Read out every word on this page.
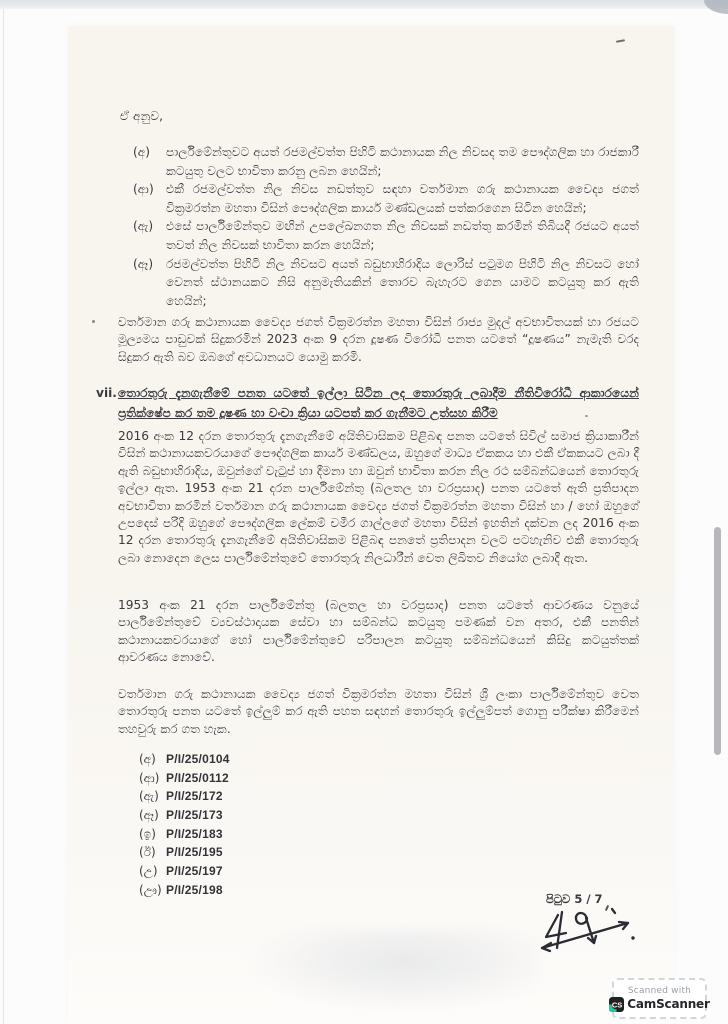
ඒ අනුව,
(අ)	පාර්ලිමේන්තුවට අයත් රජමල්වත්ත පිහිටි කථානායක නිල නිවසද තම පෞද්ගලික හා රාජකාරී කටයුතු වලට භාවිතා කරනු ලබන හෙයින්;
(ආ)	එකී රජමල්වත්ත නිල නිවස නඩත්තුව සඳහා වර්තමාන ගරු කථානායක වෛද්‍ය ජගත් වික්‍රමරත්න මහතා විසින් පෞද්ගලික කාර්ය මණ්ඩලයක් පත්කරගෙන සිටින හෙයින්;
(ඇ)	එසේ පාර්ලිමේන්තුව මඟින් උපලේඛනගත නිල නිවසක් නඩත්තු කරමින් තිබියදී රජයට අයත් තවත් නිල නිවසක් භාවිතා කරන හෙයින්;
(ඈ)	රජමල්වත්ත පිහිටි නිල නිවසට අයත් බඩුභාහිරාදිය ලොරිස් පටුමග පිහිටි නිල නිවසට හෝ වෙනත් ස්ථානයකට නිසි අනුමැතියකින් තොරව බැහැරට ගෙන යාමට කටයුතු කර ඇති හෙයින්;
වර්තමාන ගරු කථානායක වෛද්‍ය ජගත් වික්‍රමරත්න මහතා විසින් රාජ්‍ය මුදල් අවභාවිතයක් හා රජයට මූල්‍යමය පාඩුවක් සිදුකරමින් 2023 අංක 9 දරන දූෂණ විරෝධී පනත යටතේ “දූෂණය” නැමැති වරද සිදුකර ඇති බව ඔබගේ අවධානයට යොමු කරමි.
vii. තොරතුරු දැනගැනීමේ පනත යටතේ ඉල්ලා සිටින ලද තොරතුරු ලබාදීම නීතිවිරෝධී ආකාරයෙන් ප්‍රතික්ෂේප කර තම දූෂණ හා වංචා ක්‍රියා යටපත් කර ගැනීමට උත්සහ කිරීම
2016 අංක 12 දරන තොරතුරු දැනගැනීමේ අයිතිවාසිකම පිළිබඳ පනත යටතේ සිවිල් සමාජ ක්‍රියාකාරීන් විසින් කථානායකවරයාගේ පෞද්ගලික කාර්ය මණ්ඩලය, ඔහුගේ මාධ්‍ය ඒකකය හා එකී ඒකකයට ලබා දී ඇති බඩුභාහිරාදිය, ඔවුන්ගේ වැටුප් හා දීමනා හා ඔවුන් භාවිතා කරන නිල රථ සම්බන්ධයෙන් තොරතුරු ඉල්ලා ඇත. 1953 අංක 21 දරන පාර්ලිමේන්තු (බලතල හා වරප්‍රසාද) පනත යටතේ ඇති ප්‍රතිපාදන අවභාවිතා කරමින් වර්තමාන ගරු කථානායක වෛද්‍ය ජගත් වික්‍රමරත්න මහතා විසින් හා / හෝ ඔහුගේ උපදෙස් පරිදි ඔහුගේ පෞද්ගලික ලේකම් චමීර ගාල්ලගේ මහතා විසින් ඉහතින් දක්වන ලද 2016 අංක 12 දරන තොරතුරු දැනගැනීමේ අයිතිවාසිකම පිළිබඳ පනතේ ප්‍රතිපාදන වලට පටහැනිව එකී තොරතුරු ලබා නොදෙන ලෙස පාර්ලිමේන්තුවේ තොරතුරු නිලධාරීන් වෙත ලිඛිතව නියෝග ලබාදී ඇත.
1953 අංක 21 දරන පාර්ලිමේන්තු (බලතල හා වරප්‍රසාද) පනත යටතේ ආවරණය වනුයේ පාර්ලිමේන්තුවේ ව්‍යවස්ථාදායක සේවා හා සම්බන්ධ කටයුතු පමණක් වන අතර, එකී පනතින් කථානායකවරයාගේ හෝ පාර්ලිමේන්තුවේ පරිපාලන කටයුතු සම්බන්ධයෙන් කිසිදු කටයුත්තක් ආවරණය නොවේ.
වර්තමාන ගරු කථානායක වෛද්‍ය ජගත් වික්‍රමරත්න මහතා විසින් ශ්‍රී ලංකා පාර්ලිමේන්තුව වෙත තොරතුරු පනත යටතේ ඉල්ලුම් කර ඇති පහත සඳහන් තොරතුරු ඉල්ලුම්පත් ගොනු පරීක්ෂා කිරීමෙන් තහවුරු කර ගත හැක.
(අ) P/I/25/0104
(ආ) P/I/25/0112
(ඇ) P/I/25/172
(ඈ) P/I/25/173
(ඉ) P/I/25/183
(ඊ) P/I/25/195
(උ) P/I/25/197
(ඌ) P/I/25/198
පිටුව 5 / 7
Scanned with
CS CamScanner
